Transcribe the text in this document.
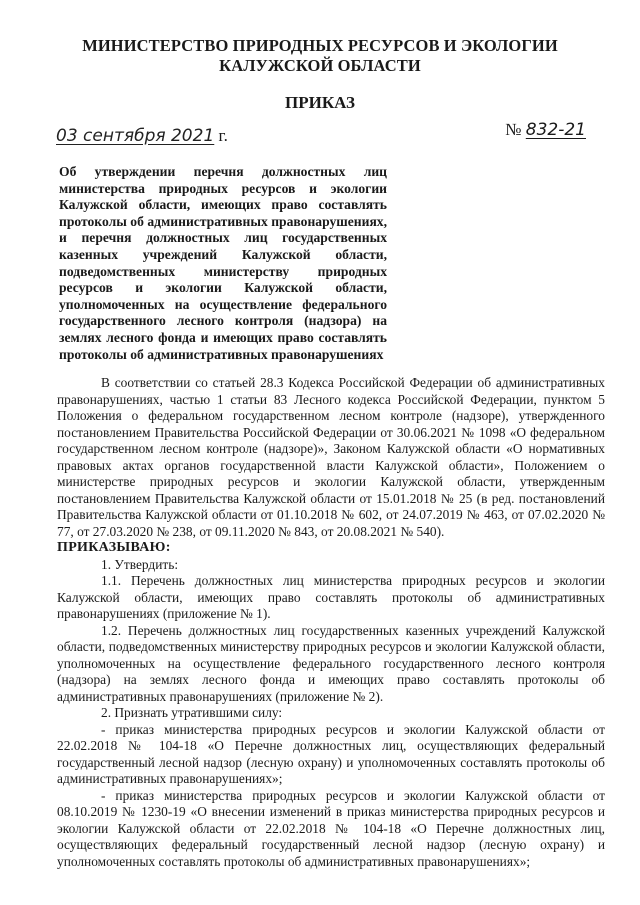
МИНИСТЕРСТВО ПРИРОДНЫХ РЕСУРСОВ И ЭКОЛОГИИ
КАЛУЖСКОЙ ОБЛАСТИ
ПРИКАЗ
03 сентября 2021 г.	№ 832-21
Об утверждении перечня должностных лиц министерства природных ресурсов и экологии Калужской области, имеющих право составлять протоколы об административных правонарушениях, и перечня должностных лиц государственных казенных учреждений Калужской области, подведомственных министерству природных ресурсов и экологии Калужской области, уполномоченных на осуществление федерального государственного лесного контроля (надзора) на землях лесного фонда и имеющих право составлять протоколы об административных правонарушениях

В соответствии со статьей 28.3 Кодекса Российской Федерации об административных правонарушениях, частью 1 статьи 83 Лесного кодекса Российской Федерации, пунктом 5 Положения о федеральном государственном лесном контроле (надзоре), утвержденного постановлением Правительства Российской Федерации от 30.06.2021 № 1098 «О федеральном государственном лесном контроле (надзоре)», Законом Калужской области «О нормативных правовых актах органов государственной власти Калужской области», Положением о министерстве природных ресурсов и экологии Калужской области, утвержденным постановлением Правительства Калужской области от 15.01.2018 № 25 (в ред. постановлений Правительства Калужской области от 01.10.2018 № 602, от 24.07.2019 № 463, от 07.02.2020 № 77, от 27.03.2020 № 238, от 09.11.2020 № 843, от 20.08.2021 № 540).

ПРИКАЗЫВАЮ:

1. Утвердить:

1.1. Перечень должностных лиц министерства природных ресурсов и экологии Калужской области, имеющих право составлять протоколы об административных правонарушениях (приложение № 1).

1.2. Перечень должностных лиц государственных казенных учреждений Калужской области, подведомственных министерству природных ресурсов и экологии Калужской области, уполномоченных на осуществление федерального государственного лесного контроля (надзора) на землях лесного фонда и имеющих право составлять протоколы об административных правонарушениях (приложение № 2).

2. Признать утратившими силу:

- приказ министерства природных ресурсов и экологии Калужской области от 22.02.2018 № 104-18 «О Перечне должностных лиц, осуществляющих федеральный государственный лесной надзор (лесную охрану) и уполномоченных составлять протоколы об административных правонарушениях»;

- приказ министерства природных ресурсов и экологии Калужской области от 08.10.2019 № 1230-19 «О внесении изменений в приказ министерства природных ресурсов и экологии Калужской области от 22.02.2018 № 104-18 «О Перечне должностных лиц, осуществляющих федеральный государственный лесной надзор (лесную охрану) и уполномоченных составлять протоколы об административных правонарушениях»;
